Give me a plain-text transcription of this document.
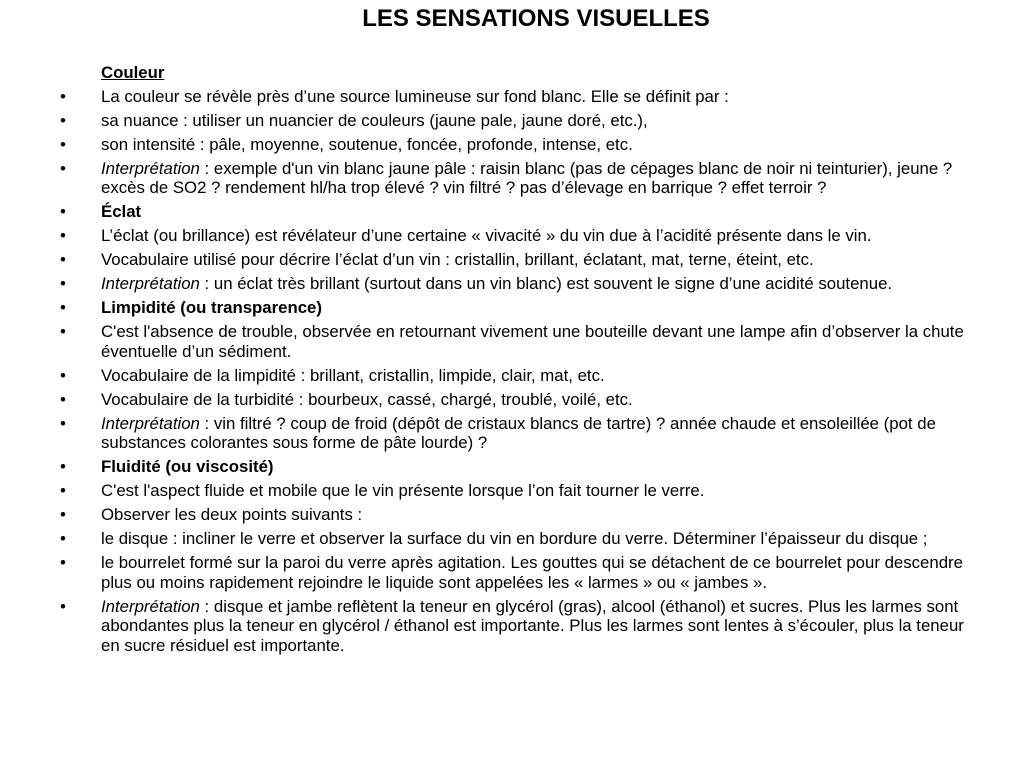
LES SENSATIONS VISUELLES
Couleur
•	La couleur se révèle près d’une source lumineuse sur fond blanc. Elle se définit par :
•	sa nuance : utiliser un nuancier de couleurs (jaune pale, jaune doré, etc.),
•	son intensité : pâle, moyenne, soutenue, foncée, profonde, intense, etc.
•	Interprétation : exemple d'un vin blanc jaune pâle : raisin blanc (pas de cépages blanc de noir ni teinturier), jeune ? excès de SO2 ? rendement hl/ha trop élevé ? vin filtré ? pas d’élevage en barrique ? effet terroir ?
•	Éclat
•	L’éclat (ou brillance) est révélateur d’une certaine « vivacité » du vin due à l’acidité présente dans le vin.
•	Vocabulaire utilisé pour décrire l’éclat d’un vin : cristallin, brillant, éclatant, mat, terne, éteint, etc.
•	Interprétation : un éclat très brillant (surtout dans un vin blanc) est souvent le signe d’une acidité soutenue.
•	Limpidité (ou transparence)
•	C'est l'absence de trouble, observée en retournant vivement une bouteille devant une lampe afin d’observer la chute éventuelle d’un sédiment.
•	Vocabulaire de la limpidité : brillant, cristallin, limpide, clair, mat, etc.
•	Vocabulaire de la turbidité : bourbeux, cassé, chargé, troublé, voilé, etc.
•	Interprétation : vin filtré ? coup de froid (dépôt de cristaux blancs de tartre) ? année chaude et ensoleillée (pot de substances colorantes sous forme de pâte lourde) ?
•	Fluidité (ou viscosité)
•	C'est l'aspect fluide et mobile que le vin présente lorsque l’on fait tourner le verre.
•	Observer les deux points suivants :
•	le disque : incliner le verre et observer la surface du vin en bordure du verre. Déterminer l’épaisseur du disque ;
•	le bourrelet formé sur la paroi du verre après agitation. Les gouttes qui se détachent de ce bourrelet pour descendre plus ou moins rapidement rejoindre le liquide sont appelées les « larmes » ou « jambes ».
•	Interprétation : disque et jambe reflètent la teneur en glycérol (gras), alcool (éthanol) et sucres. Plus les larmes sont abondantes plus la teneur en glycérol / éthanol est importante. Plus les larmes sont lentes à s’écouler, plus la teneur en sucre résiduel est importante.
